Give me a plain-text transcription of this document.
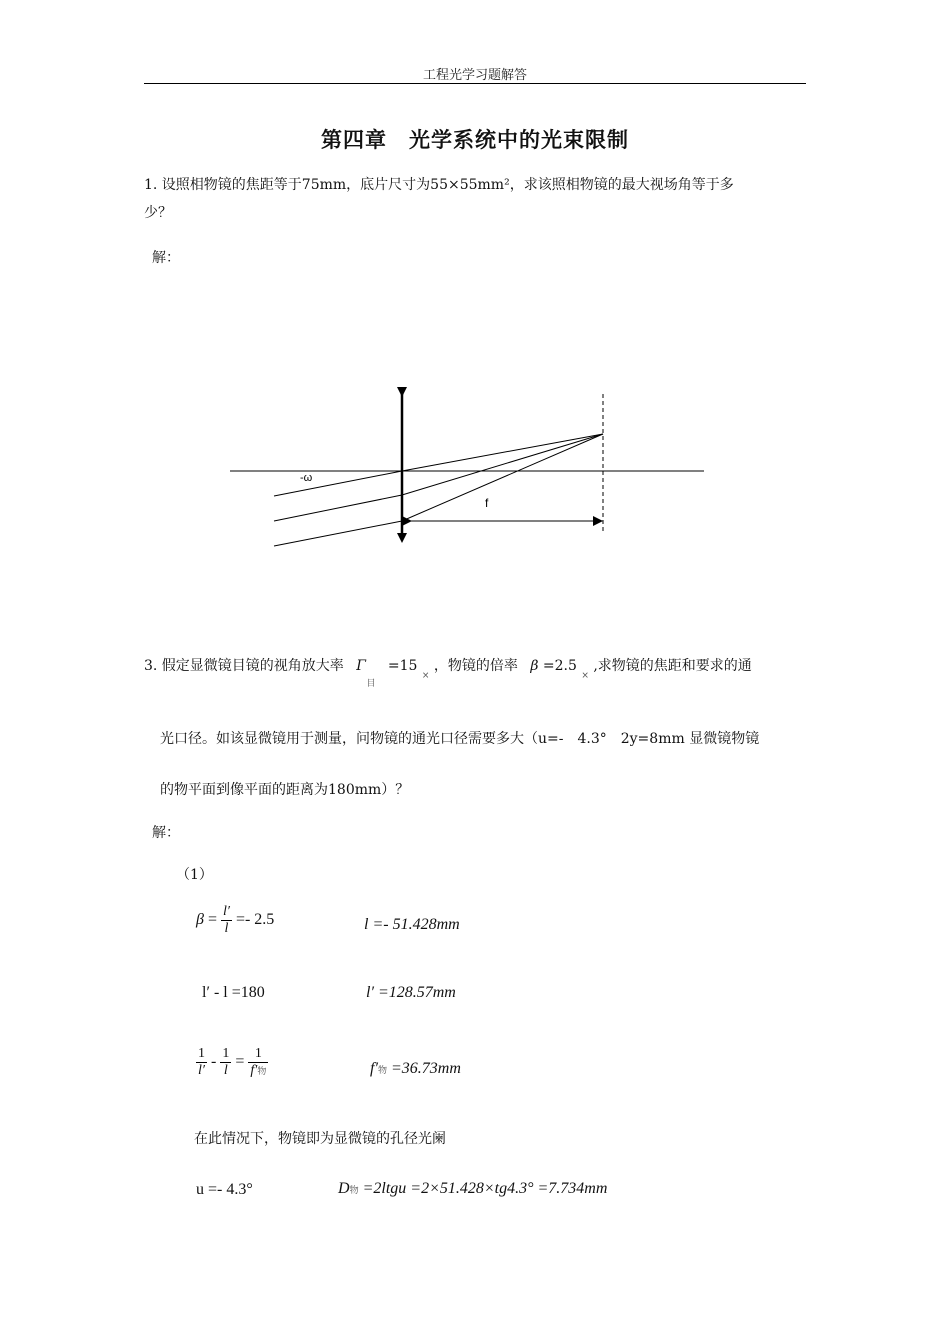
工程光学习题解答
第四章　光学系统中的光束限制
1. 设照相物镜的焦距等于75mm，底片尺寸为55×55mm²，求该照相物镜的最大视场角等于多
少？
解：
-ω
f
3. 假定显微镜目镜的视角放大率 Γ $_目$ =15 $_\times$ ，物镜的倍率 β =2.5 $_\times$ ,求物镜的焦距和要求的通
光口径。如该显微镜用于测量，问物镜的通光口径需要多大（u=-　4.3°　2y=8mm 显微镜物镜
的物平面到像平面的距离为180mm）？
解：
（1）
$\beta = \frac{l'}{l} =- 2.5$	l =- 51.428mm
l′ - l =180	l′ =128.57mm
$\frac{1}{l'} - \frac{1}{l} = \frac{1}{\text{f′物}}$	f′物 =36.73mm
在此情况下，物镜即为显微镜的孔径光阑
u =- 4.3°	D物 =2ltgu =2×51.428×tg4.3° =7.734mm
